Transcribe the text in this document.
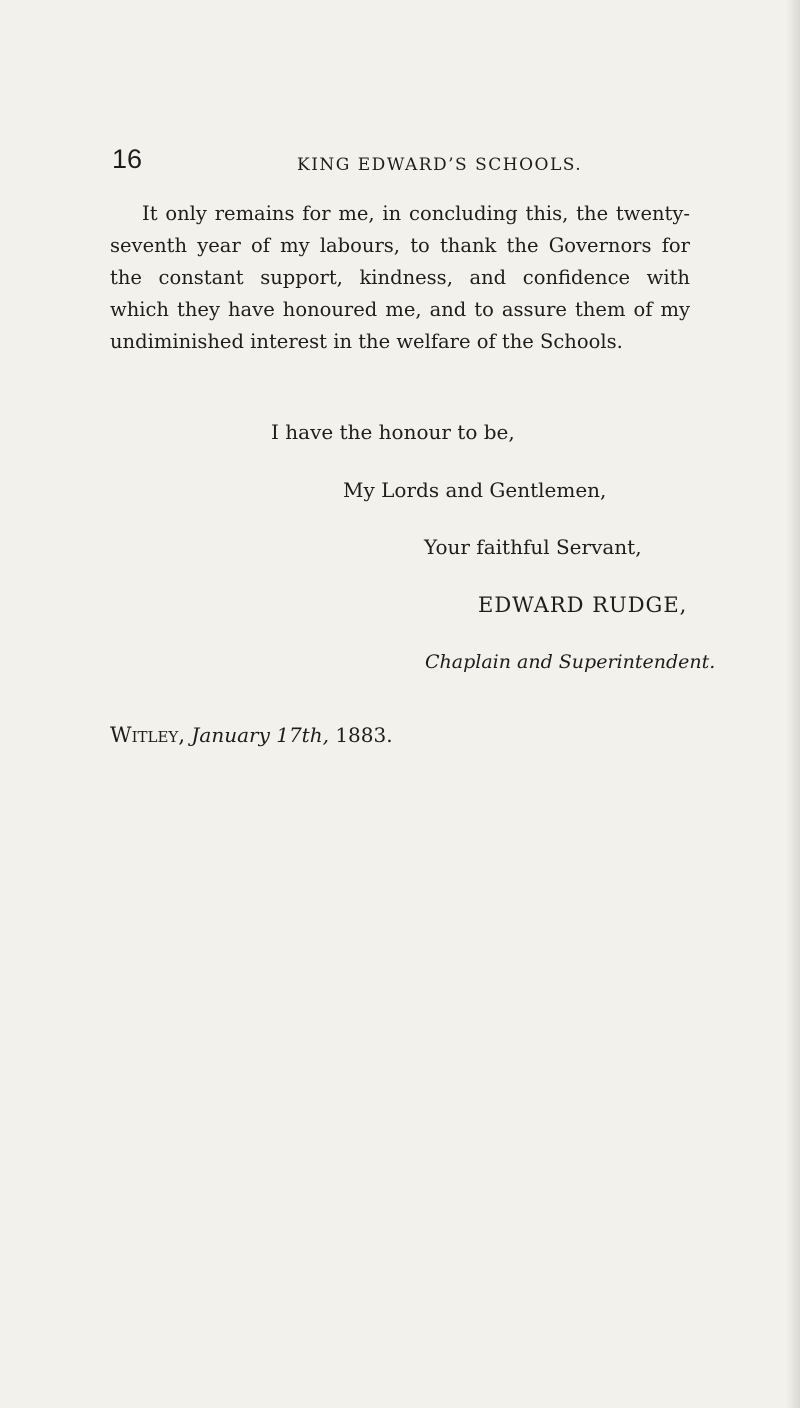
16	KING EDWARD’S SCHOOLS.

It only remains for me, in concluding this, the twenty-seventh year of my labours, to thank the Governors for the constant support, kindness, and confidence with which they have honoured me, and to assure them of my undiminished interest in the welfare of the Schools.

I have the honour to be,
My Lords and Gentlemen,
Your faithful Servant,
EDWARD RUDGE,
Chaplain and Superintendent.
Witley, January 17th, 1883.
